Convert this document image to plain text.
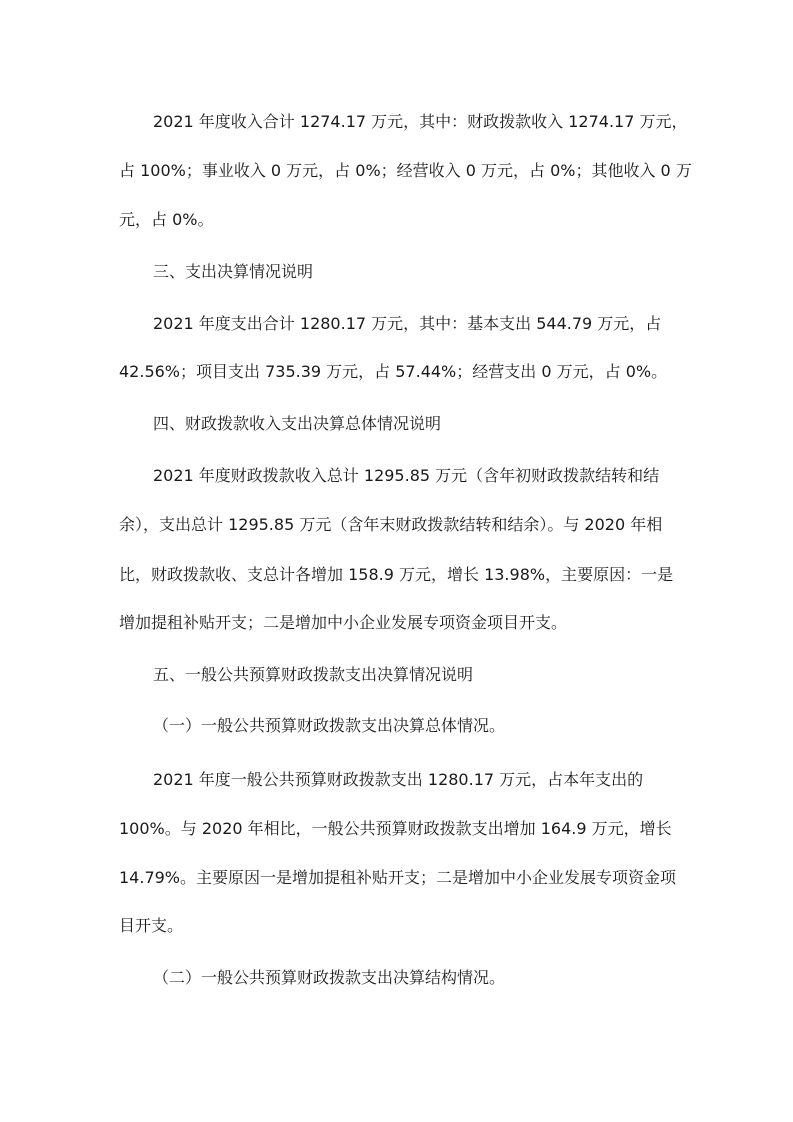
2021 年度收入合计 1274.17 万元，其中：财政拨款收入 1274.17 万元，

占 100%；事业收入 0 万元，占 0%；经营收入 0 万元，占 0%；其他收入 0 万

元，占 0%。

三、支出决算情况说明

2021 年度支出合计 1280.17 万元，其中：基本支出 544.79 万元，占

42.56%；项目支出 735.39 万元，占 57.44%；经营支出 0 万元，占 0%。

四、财政拨款收入支出决算总体情况说明

2021 年度财政拨款收入总计 1295.85 万元（含年初财政拨款结转和结

余），支出总计 1295.85 万元（含年末财政拨款结转和结余）。与 2020 年相

比，财政拨款收、支总计各增加 158.9 万元，增长 13.98%，主要原因：一是

增加提租补贴开支；二是增加中小企业发展专项资金项目开支。

五、一般公共预算财政拨款支出决算情况说明

（一）一般公共预算财政拨款支出决算总体情况。

2021 年度一般公共预算财政拨款支出 1280.17 万元，占本年支出的

100%。与 2020 年相比，一般公共预算财政拨款支出增加 164.9 万元，增长

14.79%。主要原因一是增加提租补贴开支；二是增加中小企业发展专项资金项

目开支。

（二）一般公共预算财政拨款支出决算结构情况。
